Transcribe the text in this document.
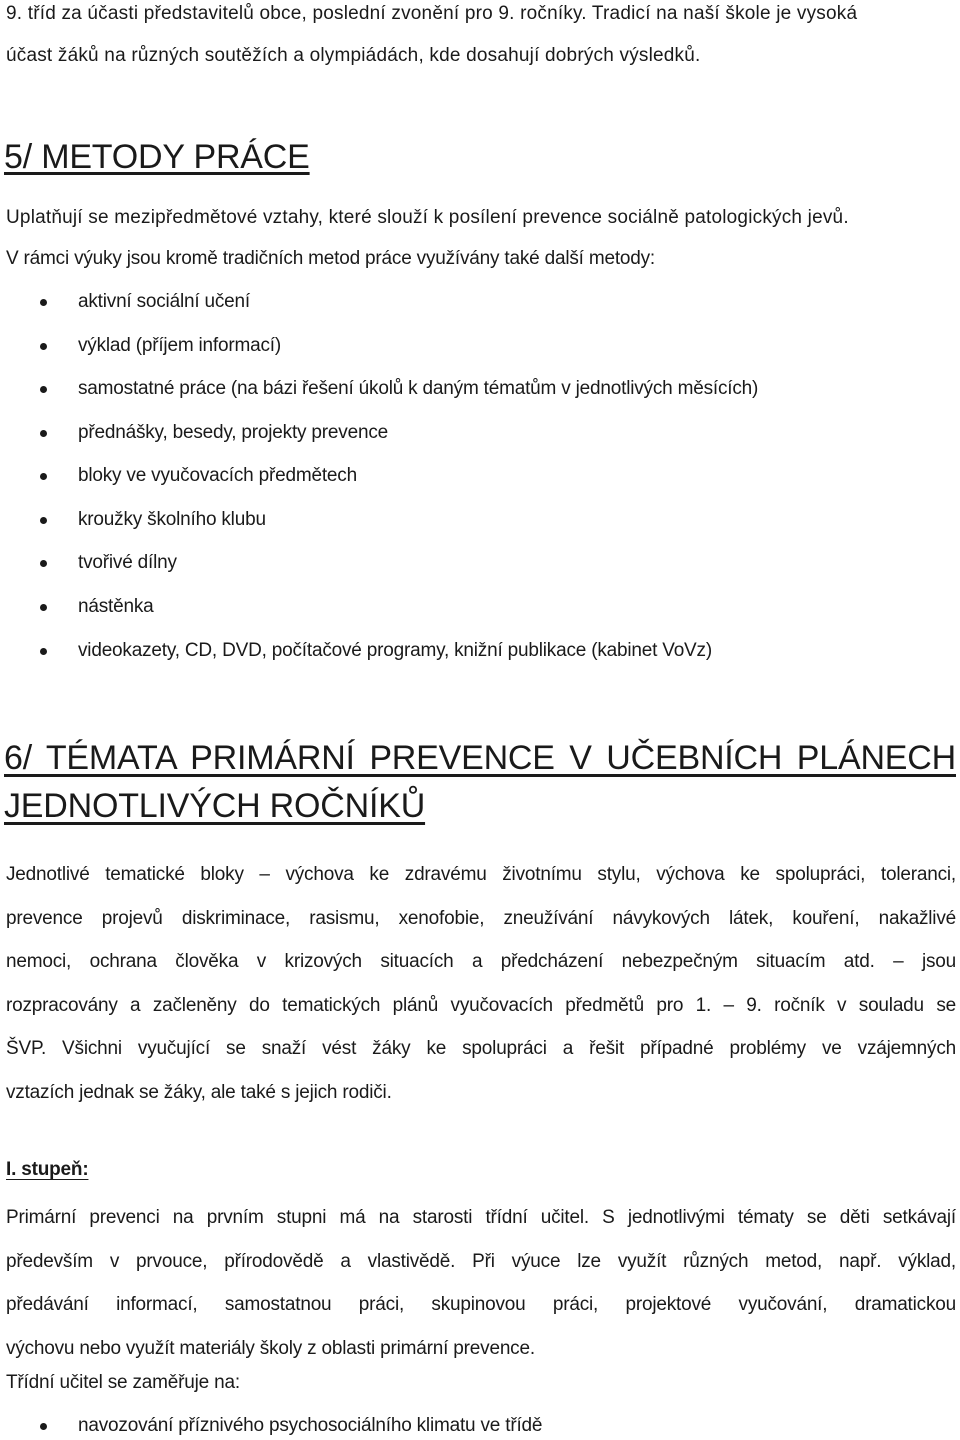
9. tříd za účasti představitelů obce, poslední zvonění pro 9. ročníky. Tradicí na naší škole je vysoká
účast žáků na různých soutěžích a olympiádách, kde dosahují dobrých výsledků.
5/ METODY PRÁCE
Uplatňují se mezipředmětové vztahy, které slouží k posílení prevence sociálně patologických jevů.
V rámci výuky jsou kromě tradičních metod práce využívány také další metody:
aktivní sociální učení
výklad (příjem informací)
samostatné práce (na bázi řešení úkolů k daným tématům v jednotlivých měsících)
přednášky, besedy, projekty prevence
bloky ve vyučovacích předmětech
kroužky školního klubu
tvořivé dílny
nástěnka
videokazety, CD, DVD, počítačové programy, knižní publikace (kabinet VoVz)
6/ TÉMATA PRIMÁRNÍ PREVENCE V UČEBNÍCH PLÁNECH
JEDNOTLIVÝCH ROČNÍKŮ
Jednotlivé tematické bloky – výchova ke zdravému životnímu stylu, výchova ke spolupráci, toleranci,
prevence projevů diskriminace, rasismu, xenofobie, zneužívání návykových látek, kouření, nakažlivé
nemoci, ochrana člověka v krizových situacích a předcházení nebezpečným situacím atd. – jsou
rozpracovány a začleněny do tematických plánů vyučovacích předmětů pro 1. – 9. ročník v souladu se
ŠVP. Všichni vyučující se snaží vést žáky ke spolupráci a řešit případné problémy ve vzájemných
vztazích jednak se žáky, ale také s jejich rodiči.
I. stupeň:
Primární prevenci na prvním stupni má na starosti třídní učitel. S jednotlivými tématy se děti setkávají
především v prvouce, přírodovědě a vlastivědě. Při výuce lze využít různých metod, např. výklad,
předávání informací, samostatnou práci, skupinovou práci, projektové vyučování, dramatickou
výchovu nebo využít materiály školy z oblasti primární prevence.
Třídní učitel se zaměřuje na:
navozování příznivého psychosociálního klimatu ve třídě
